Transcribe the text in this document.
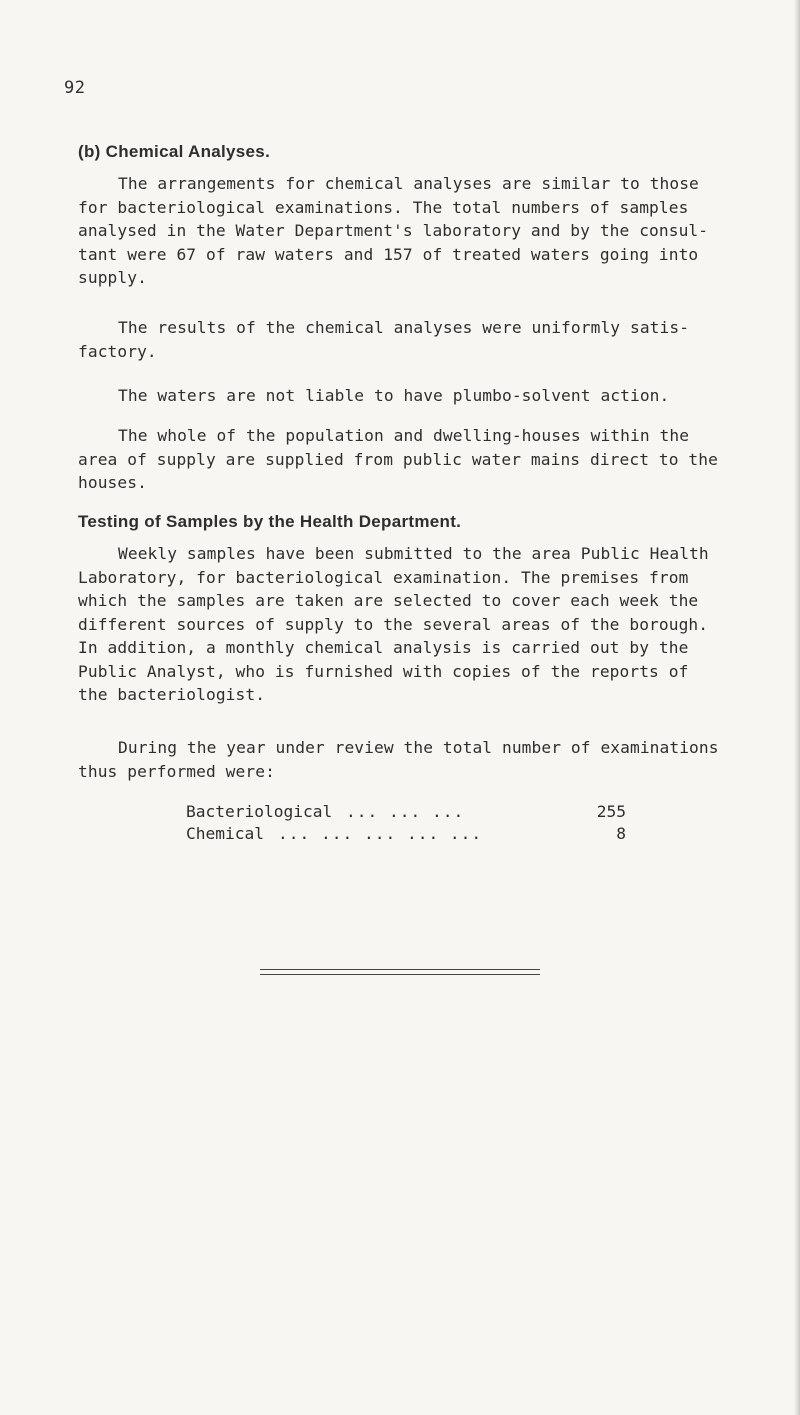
92
(b) Chemical Analyses.
The arrangements for chemical analyses are similar to those
for bacteriological examinations. The total numbers of samples
analysed in the Water Department's laboratory and by the consul-
tant were 67 of raw waters and 157 of treated waters going into
supply.
The results of the chemical analyses were uniformly satis-
factory.
The waters are not liable to have plumbo-solvent action.
The whole of the population and dwelling-houses within the
area of supply are supplied from public water mains direct to the
houses.
Testing of Samples by the Health Department.
Weekly samples have been submitted to the area Public Health
Laboratory, for bacteriological examination. The premises from
which the samples are taken are selected to cover each week the
different sources of supply to the several areas of the borough.
In addition, a monthly chemical analysis is carried out by the
Public Analyst, who is furnished with copies of the reports of
the bacteriologist.
During the year under review the total number of examinations
thus performed were:
Bacteriological ... ... ...	255
Chemical ... ... ... ... ...	8
